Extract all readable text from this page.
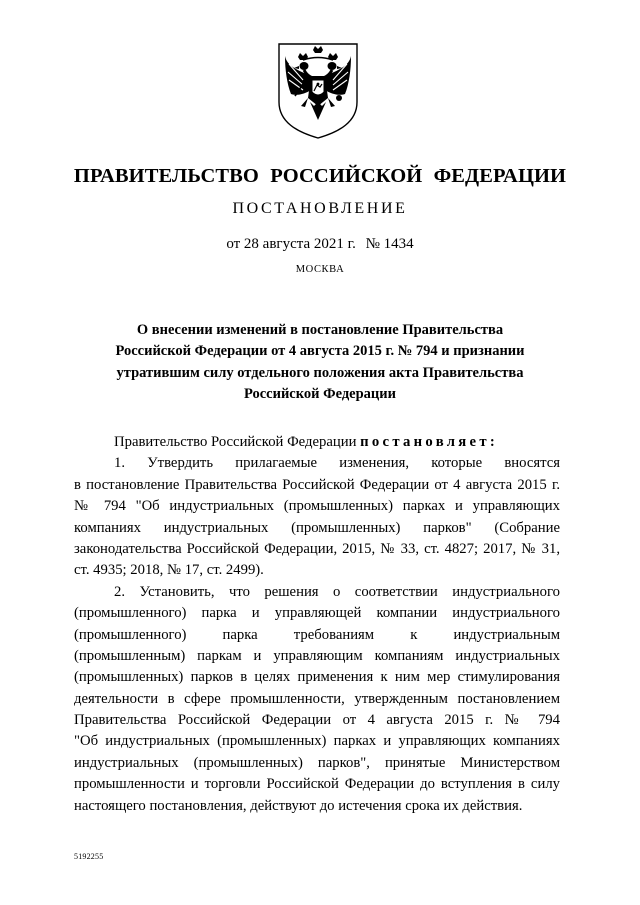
ПРАВИТЕЛЬСТВО РОССИЙСКОЙ ФЕДЕРАЦИИ
ПОСТАНОВЛЕНИЕ
от 28 августа 2021 г. № 1434
МОСКВА
О внесении изменений в постановление Правительства
Российской Федерации от 4 августа 2015 г. № 794 и признании
утратившим силу отдельного положения акта Правительства
Российской Федерации
Правительство Российской Федерации постановляет:
1. Утвердить прилагаемые изменения, которые вносятся
в постановление Правительства Российской Федерации от 4 августа 2015 г.
№ 794 "Об индустриальных (промышленных) парках и управляющих
компаниях индустриальных (промышленных) парков" (Собрание
законодательства Российской Федерации, 2015, № 33, ст. 4827; 2017, № 31,
ст. 4935; 2018, № 17, ст. 2499).
2. Установить, что решения о соответствии индустриального
(промышленного) парка и управляющей компании индустриального
(промышленного) парка требованиям к индустриальным
(промышленным) паркам и управляющим компаниям индустриальных
(промышленных) парков в целях применения к ним мер стимулирования
деятельности в сфере промышленности, утвержденным постановлением
Правительства Российской Федерации от 4 августа 2015 г. № 794
"Об индустриальных (промышленных) парках и управляющих компаниях
индустриальных (промышленных) парков", принятые Министерством
промышленности и торговли Российской Федерации до вступления в силу
настоящего постановления, действуют до истечения срока их действия.
5192255
